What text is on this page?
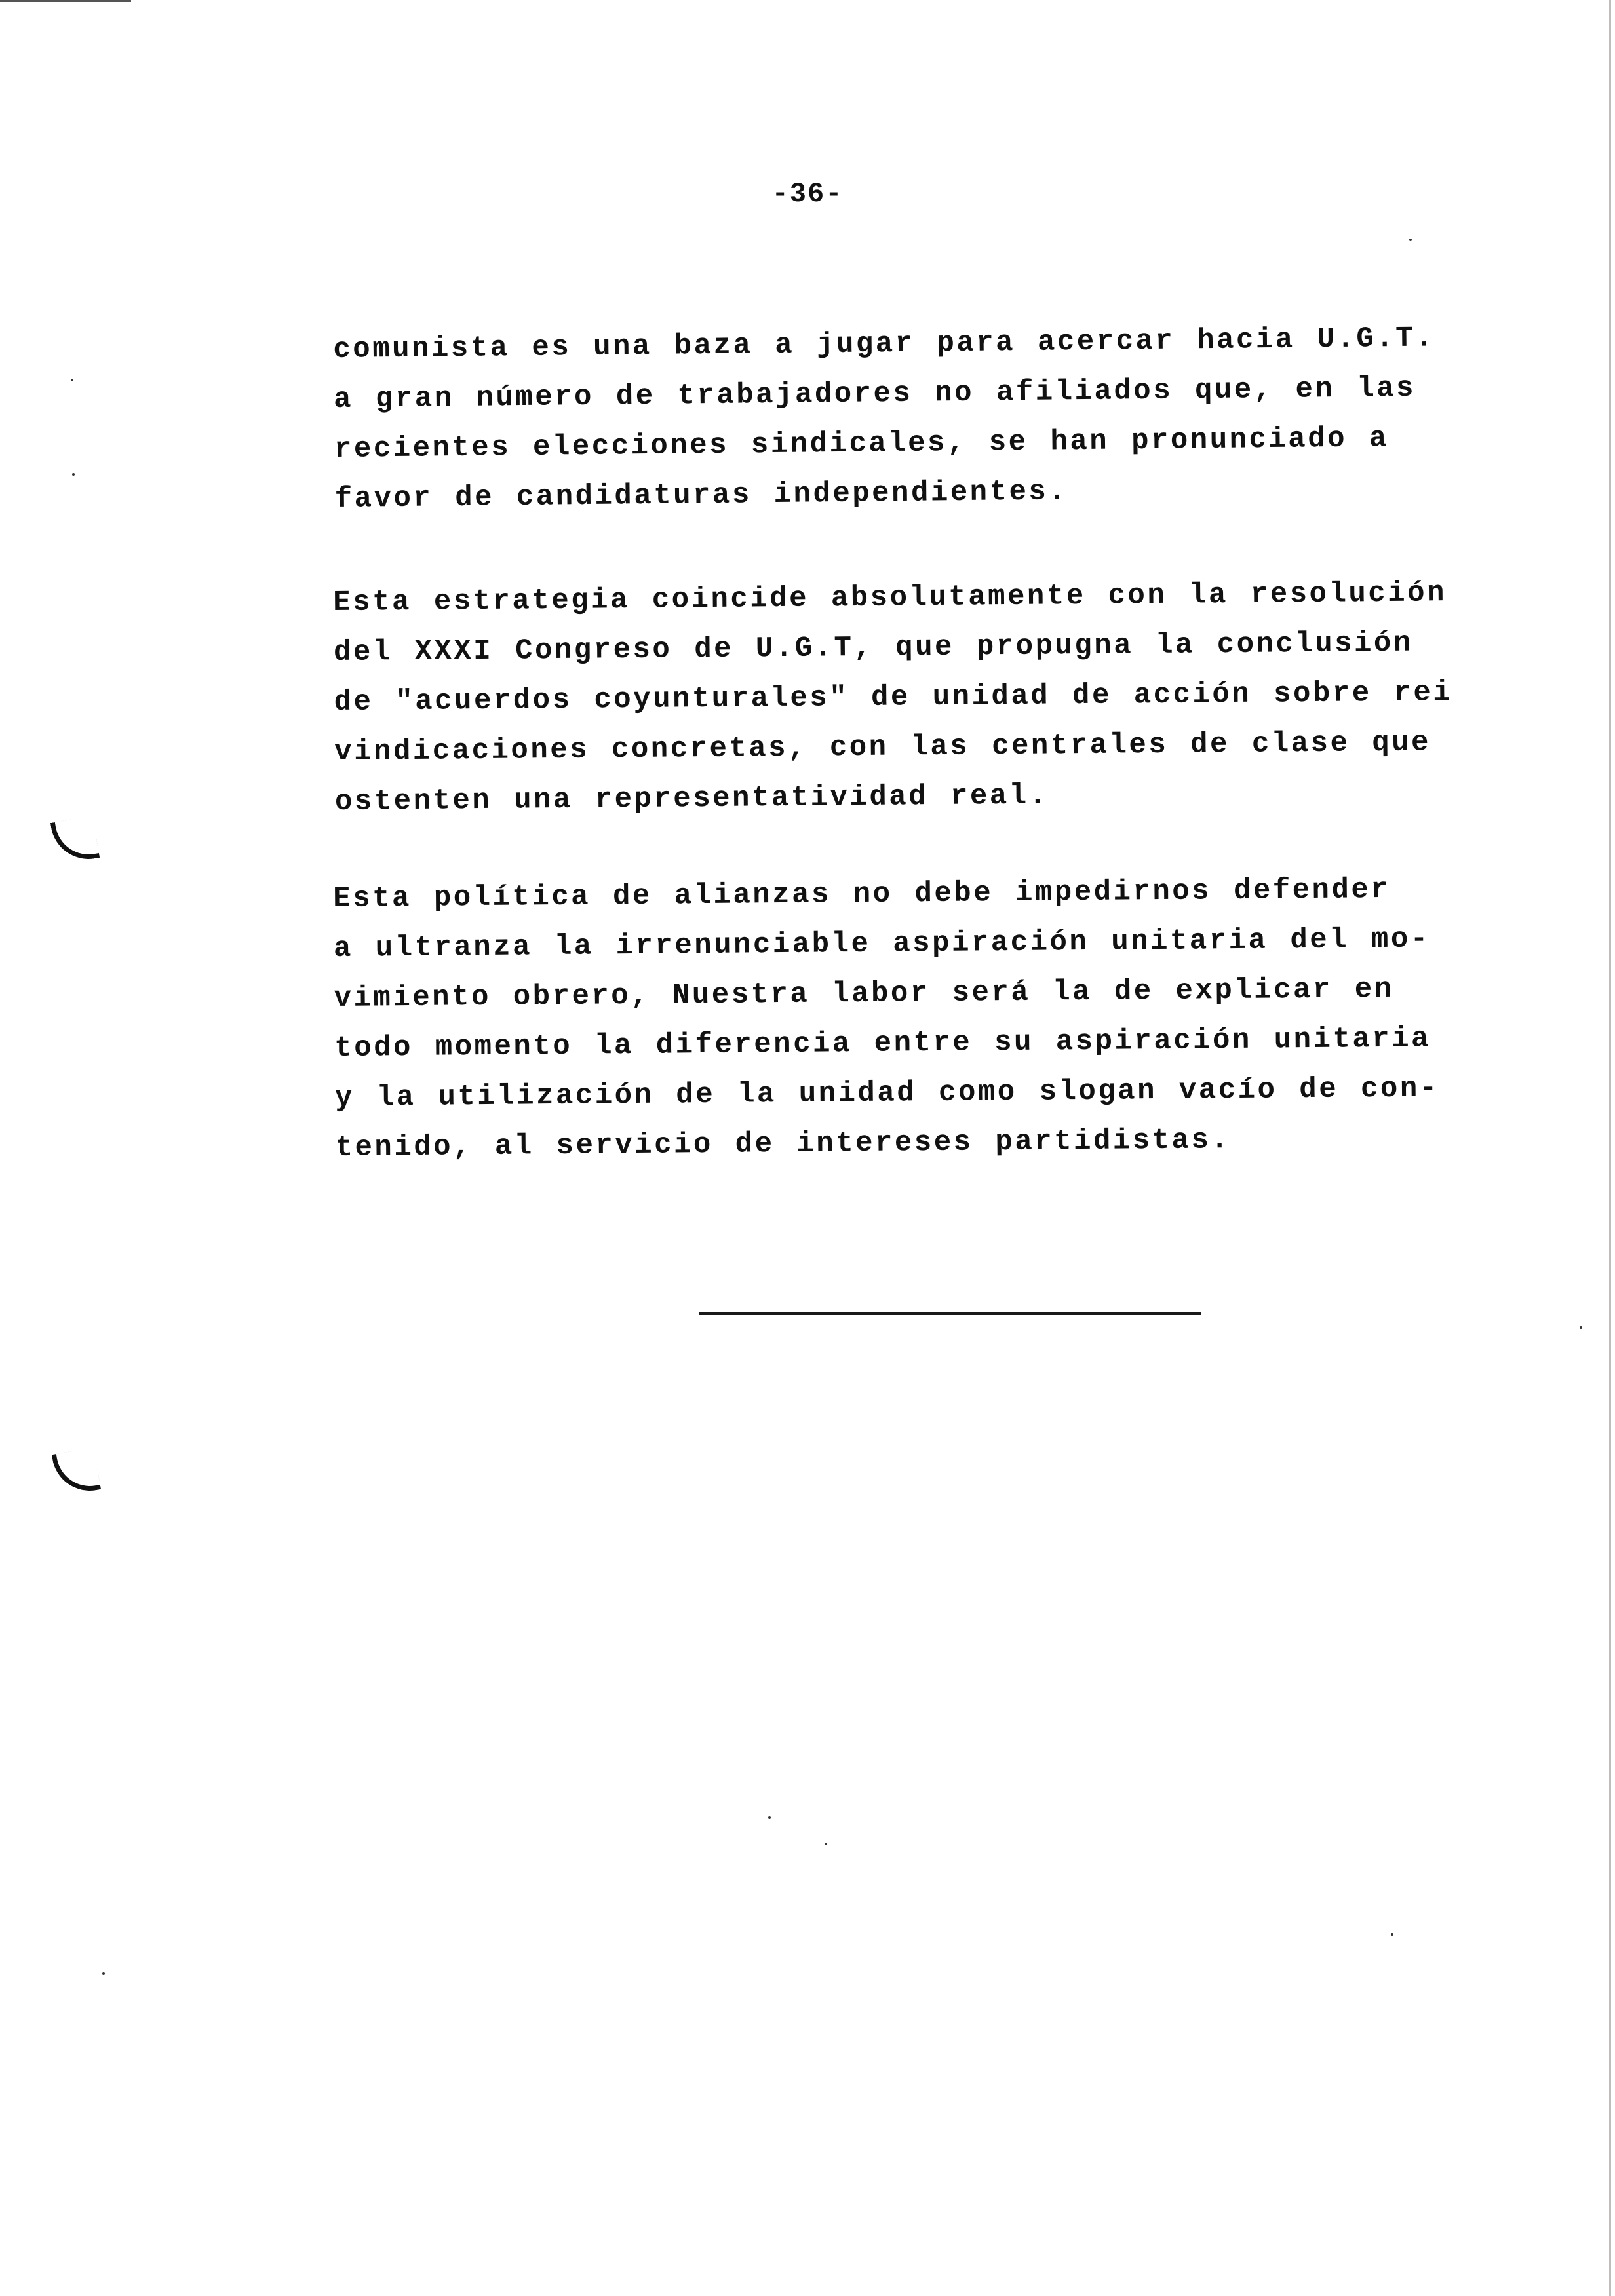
-36-
comunista es una baza a jugar para acercar hacia U.G.T.
a gran número de trabajadores no afiliados que, en las
recientes elecciones sindicales, se han pronunciado a
favor de candidaturas independientes.
Esta estrategia coincide absolutamente con la resolución
del XXXI Congreso de U.G.T, que propugna la conclusión
de "acuerdos coyunturales" de unidad de acción sobre rei
vindicaciones concretas, con las centrales de clase que
ostenten una representatividad real.
Esta política de alianzas no debe impedirnos defender
a ultranza la irrenunciable aspiración unitaria del mo-
vimiento obrero, Nuestra labor será la de explicar en
todo momento la diferencia entre su aspiración unitaria
y la utilización de la unidad como slogan vacío de con-
tenido, al servicio de intereses partidistas.
